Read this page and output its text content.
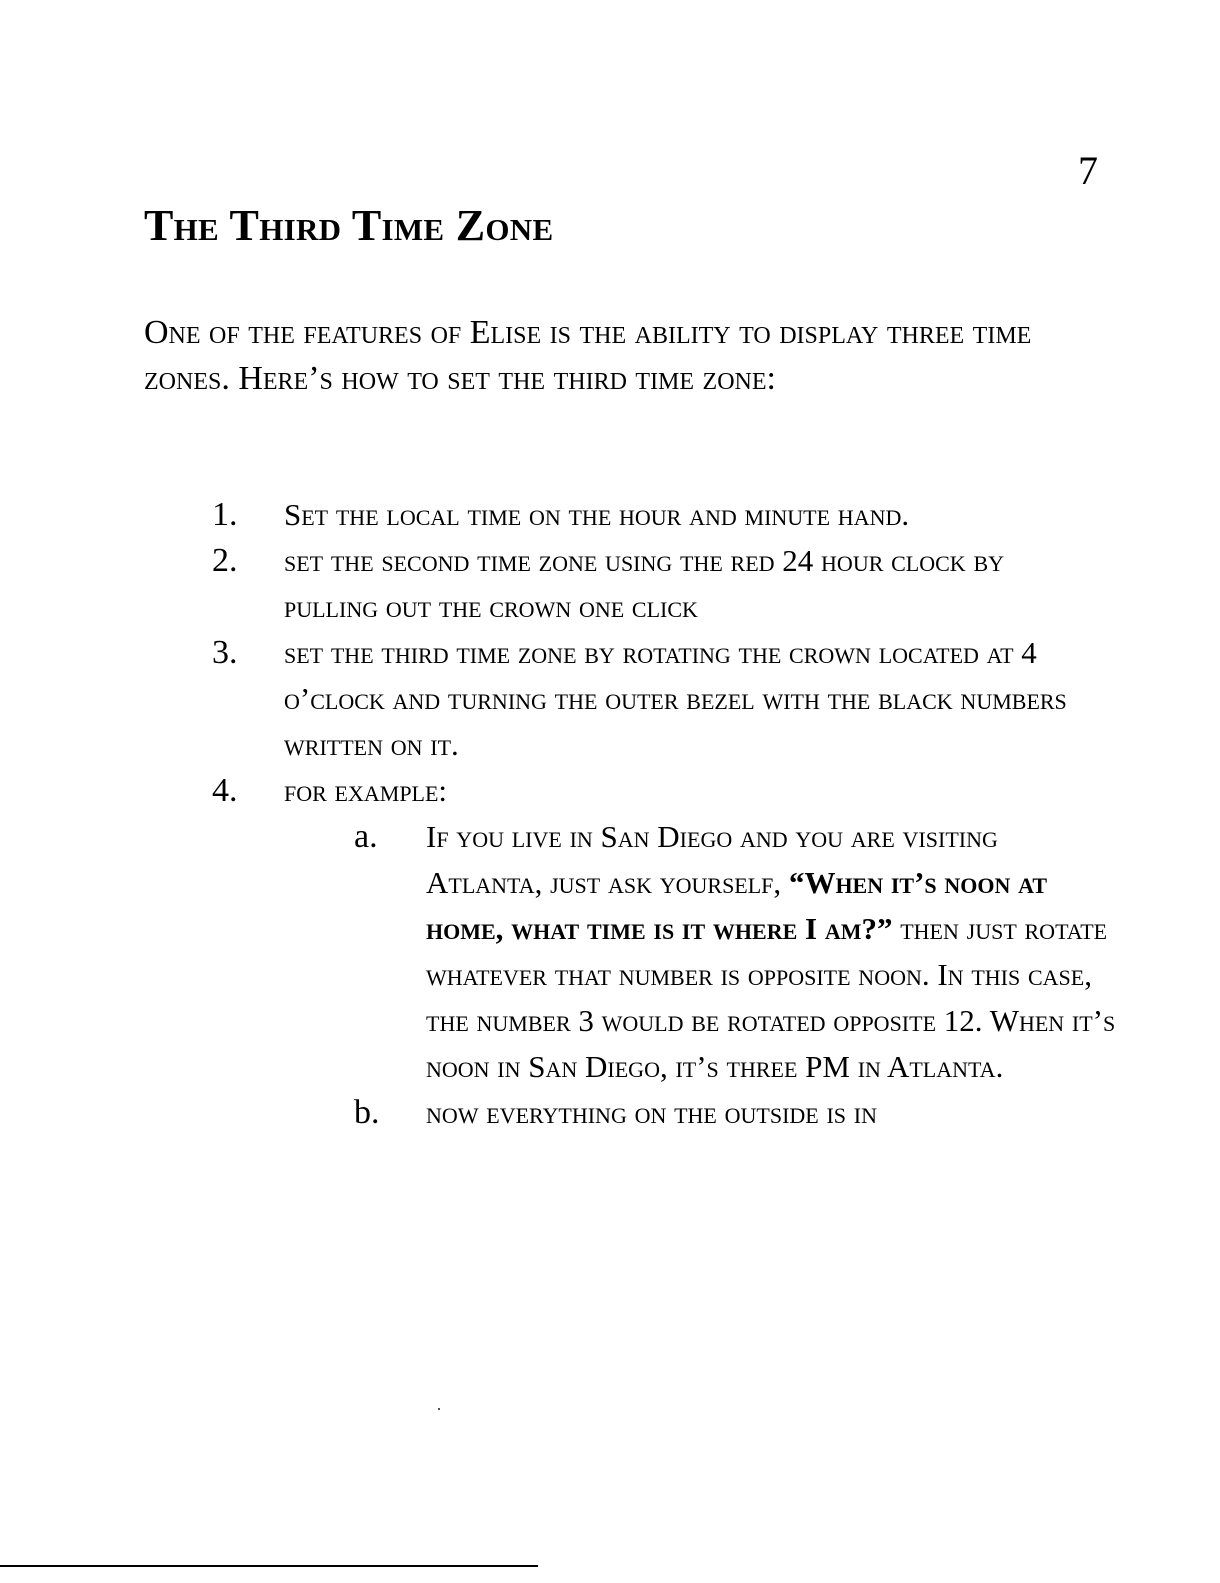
7
The Third Time Zone

One of the features of Elise is the ability to display three time zones. Here’s how to set the third time zone:

1. Set the local time on the hour and minute hand.
2. set the second time zone using the red 24 hour clock by pulling out the crown one click
3. set the third time zone by rotating the crown located at 4 o’clock and turning the outer bezel with the black numbers written on it.
4. for example:
a. If you live in San Diego and you are visiting Atlanta, just ask yourself, “When it’s noon at home, what time is it where I am?” then just rotate whatever that number is opposite noon. In this case, the number 3 would be rotated opposite 12. When it’s noon in San Diego, it’s three PM in Atlanta.
b. now everything on the outside is in
